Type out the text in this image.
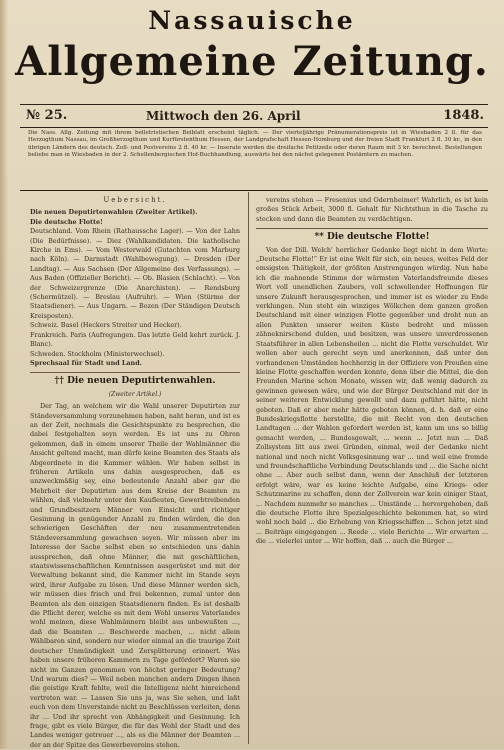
Nassauische
Allgemeine Zeitung.
№ 25.	Mittwoch den 26. April	1848.
Die Nass. Allg. Zeitung mit ihrem belletristischen Beiblatt erscheint täglich. — Der vierteljährige Pränumerationspreis ist in Wiesbaden 2 fl. für das Herzogthum Nassau, im Großherzogthum und Kurfürstenthum Hessen, der Landgrafschaft Hessen-Homburg und der freien Stadt Frankfurt 2 fl. 30 kr., in den übrigen Ländern des deutsch. Zoll- und Postvereins 2 fl. 40 kr. — Inserate werden die dreifache Petitzeile oder deren Raum mit 3 kr. berechnet. Bestellungen beliebe man in Wiesbaden in der 2. Schellenbergischen Hof-Buchhandlung, auswärts bei den nächst gelegenen Postämtern zu machen.
Uebersicht.
Die neuen Deputirtenwahlen (Zweiter Artikel).
Die deutsche Flotte!
Deutschland. Vom Rhein (Rathaussche Lager). — Von der Lahn (Die Bedürfnisse). — Diez (Wahlkandidaten. Die katholische Kirche in Ems). — Vom Westerwald (Gutachten vom Marburg nach Köln). — Darmstadt (Wahlbewegung). — Dresden (Der Landtag). — Aus Sachsen (Der Allgemeine des Verfassungs). — Aus Baden (Offizieller Bericht). — Ob. Blasien (Schlacht). — Von der Schweizergrenze (Die Anarchisten). — Rendsburg (Schermützel). — Breslau (Aufruhr). — Wien (Stürme der Staatsdiener). — Aus Ungarn. — Bozen (Der Ständigen Deutsch Kreisposten).
Schweiz. Basel (Heckers Streiter und Hecker).
Frankreich. Paris (Aufregungen. Das letzte Geld kehrt zurück. J. Blanc).
Schweden. Stockholm (Ministerwechsel).
Sprechsaal für Stadt und Land.
†† Die neuen Deputirtenwahlen.
(Zweiter Artikel.)

Der Tag, an welchem wir die Wahl unserer Deputirten zur Ständeversammlung vorzunehmen haben, naht heran, und ist es an der Zeit, nochmals die Gesichtspunkte zu besprechen, die dabei festgehalten seyn werden. Es ist uns zu Ohren gekommen, daß in einem unserer Theile der Wahlmänner die Ansicht geltend macht, man dürfe keine Beamten des Staats als Abgeordnete in die Kammer wählen. Wir haben selbst in früheren Artikeln uns dahin ausgesprochen, daß es unzweckmäßig sey, eine bedeutende Anzahl aber gar die Mehrheit der Deputirten aus dem Kreise der Beamten zu wählen, daß vielmehr unter den Kaufleuten, Gewerbtreibenden und Grundbesitzern Männer von Einsicht und richtiger Gesinnung in genügender Anzahl zu finden würden, die den schwierigen Geschäften der neu zusammentretenden Ständeversammlung gewachsen seyen. Wir müssen aber im Interesse der Sache selbst eben so entschieden uns dahin aussprechen, daß ohne Männer, die mit geschäftlichen, staatswissenschaftlichen Kenntnissen ausgerüstet und mit der Verwaltung bekannt sind, die Kammer nicht im Stande seyn wird, ihrer Aufgabe zu lösen. Und diese Männer werden sich, wir müssen dies frisch und frei bekennen, zumal unter den Beamten als den einzigen Staatsdienern finden. Es ist deshalb die Pflicht derer, welche es mit dem Wohl unseres Vaterlandes wohl meinen, diese Wahlmännern bleibt aus unbewußten ..., daß die Beamten ... Beschwerde machen, ... nicht allein Wählbaren sind, sondern nur wieder einmal an die traurige Zeit deutscher Unmündigkeit und Zersplitterung erinnert. Was haben unsere früheren Kammern zu Tage gefördert? Waren sie nicht im Ganzen genommen von höchst geringer Bedeutung? Und warum dies? — Weil neben manchen andern Dingen ihnen die geistige Kraft fehlte, weil die Intelligenz nicht hinreichend vertreten war. — Lassen Sie uns ja, was Sie sehen, und laßt euch von dem Unverstande nicht zu Beschlüssen verleiten, denn ihr ... Und ihr sprecht von Abhängigkeit und Gesinnung. Ich frage, gibt es viele Bürger, die für das Wohl der Stadt und des Landes weniger getreuer ..., als es die Männer der Beamten ... der an der Spitze des Gewerbevereins stehen.

vereins stehen — Fresenius und Odernheimer! Wahrlich, es ist kein großes Stück Arbeit, 3000 fl. Gehalt für Nichtsthun in die Tasche zu stecken und dann die Beamten zu verdächtigen.

** Die deutsche Flotte!

Von der Dill. Welch' herrlicher Gedanke liegt nicht in dem Worte: „Deutsche Flotte!“ Er ist eine Welt für sich, ein neues, weites Feld der emsigsten Thätigkeit, der größten Anstrengungen würdig. Nun habe ich die mahnende Stimme der wärmsten Vaterlandsfreunde dieses Wort voll unendlichen Zaubers, voll schwellender Hoffnungen für unsere Zukunft herausgesprochen, und immer ist es wieder zu Ende verklungen. Nun steht ein winziges Wölkchen dem ganzen großen Deutschland mit einer winzigen Flotte gegenüber und droht nun an allen Punkten unserer weiten Küste bedroht und müssen zähneknirschend dulden, und besitzen, was unsere unverdrossenen Staatsführer in allen Lebensheilen ... nicht die Flotte verschuldet. Wir wollen aber auch gerecht seyn und anerkennen, daß unter den vorhandenen Umständen hochherzig in der Offiziere von Preußen eine kleine Flotte geschaffen werden konnte, denn über die Mittel, die den Freunden Marine schon Monate, wissen wir, daß wenig dadurch zu gewinnen gewesen wäre, und wie der Bürger Deutschland mit der in seiner weiteren Entwicklung gewollt und dazu geführt hätte, nicht geboten. Daß er aber mehr hätte geboten können, d. h. daß er eine Bundeskriegsflotte herstellte, die mit Recht von den deutschen Landtagen ... der Wahlen gefordert werden ist, kann um uns so billig gemacht werden, ... Bundesgewalt, ... wenn ... Jetzt nun ... Daß Zollsystem litt aus zwei Gründen, einmal, weil der Gedanke nicht national und noch nicht Volksgesinnung war ... und weil eine fremde und freundschaftliche Verbindung Deutschlands und ... die Sache nicht ohne ... Aber auch selbst dann, wenn der Anschluß der letzteren erfolgt wäre, war es keine leichte Aufgabe, eine Kriegs- oder Schutzmarine zu schaffen, denn der Zollverein war kein einiger Staat, ... Nachdem nunmehr so manches ... Umstände ... hervorgehoben, daß die deutsche Flotte ihre Spezialgeschichte bekommen hat, so wird wohl noch bald ... die Erhebung von Kriegsschiffen ... Schon jetzt sind ... Beiträge eingegangen ... Reede ... viele Berichte ... Wir erwarten ... die ... vielerlei unter ... Wir hoffen, daß ... auch die Bürger ...
